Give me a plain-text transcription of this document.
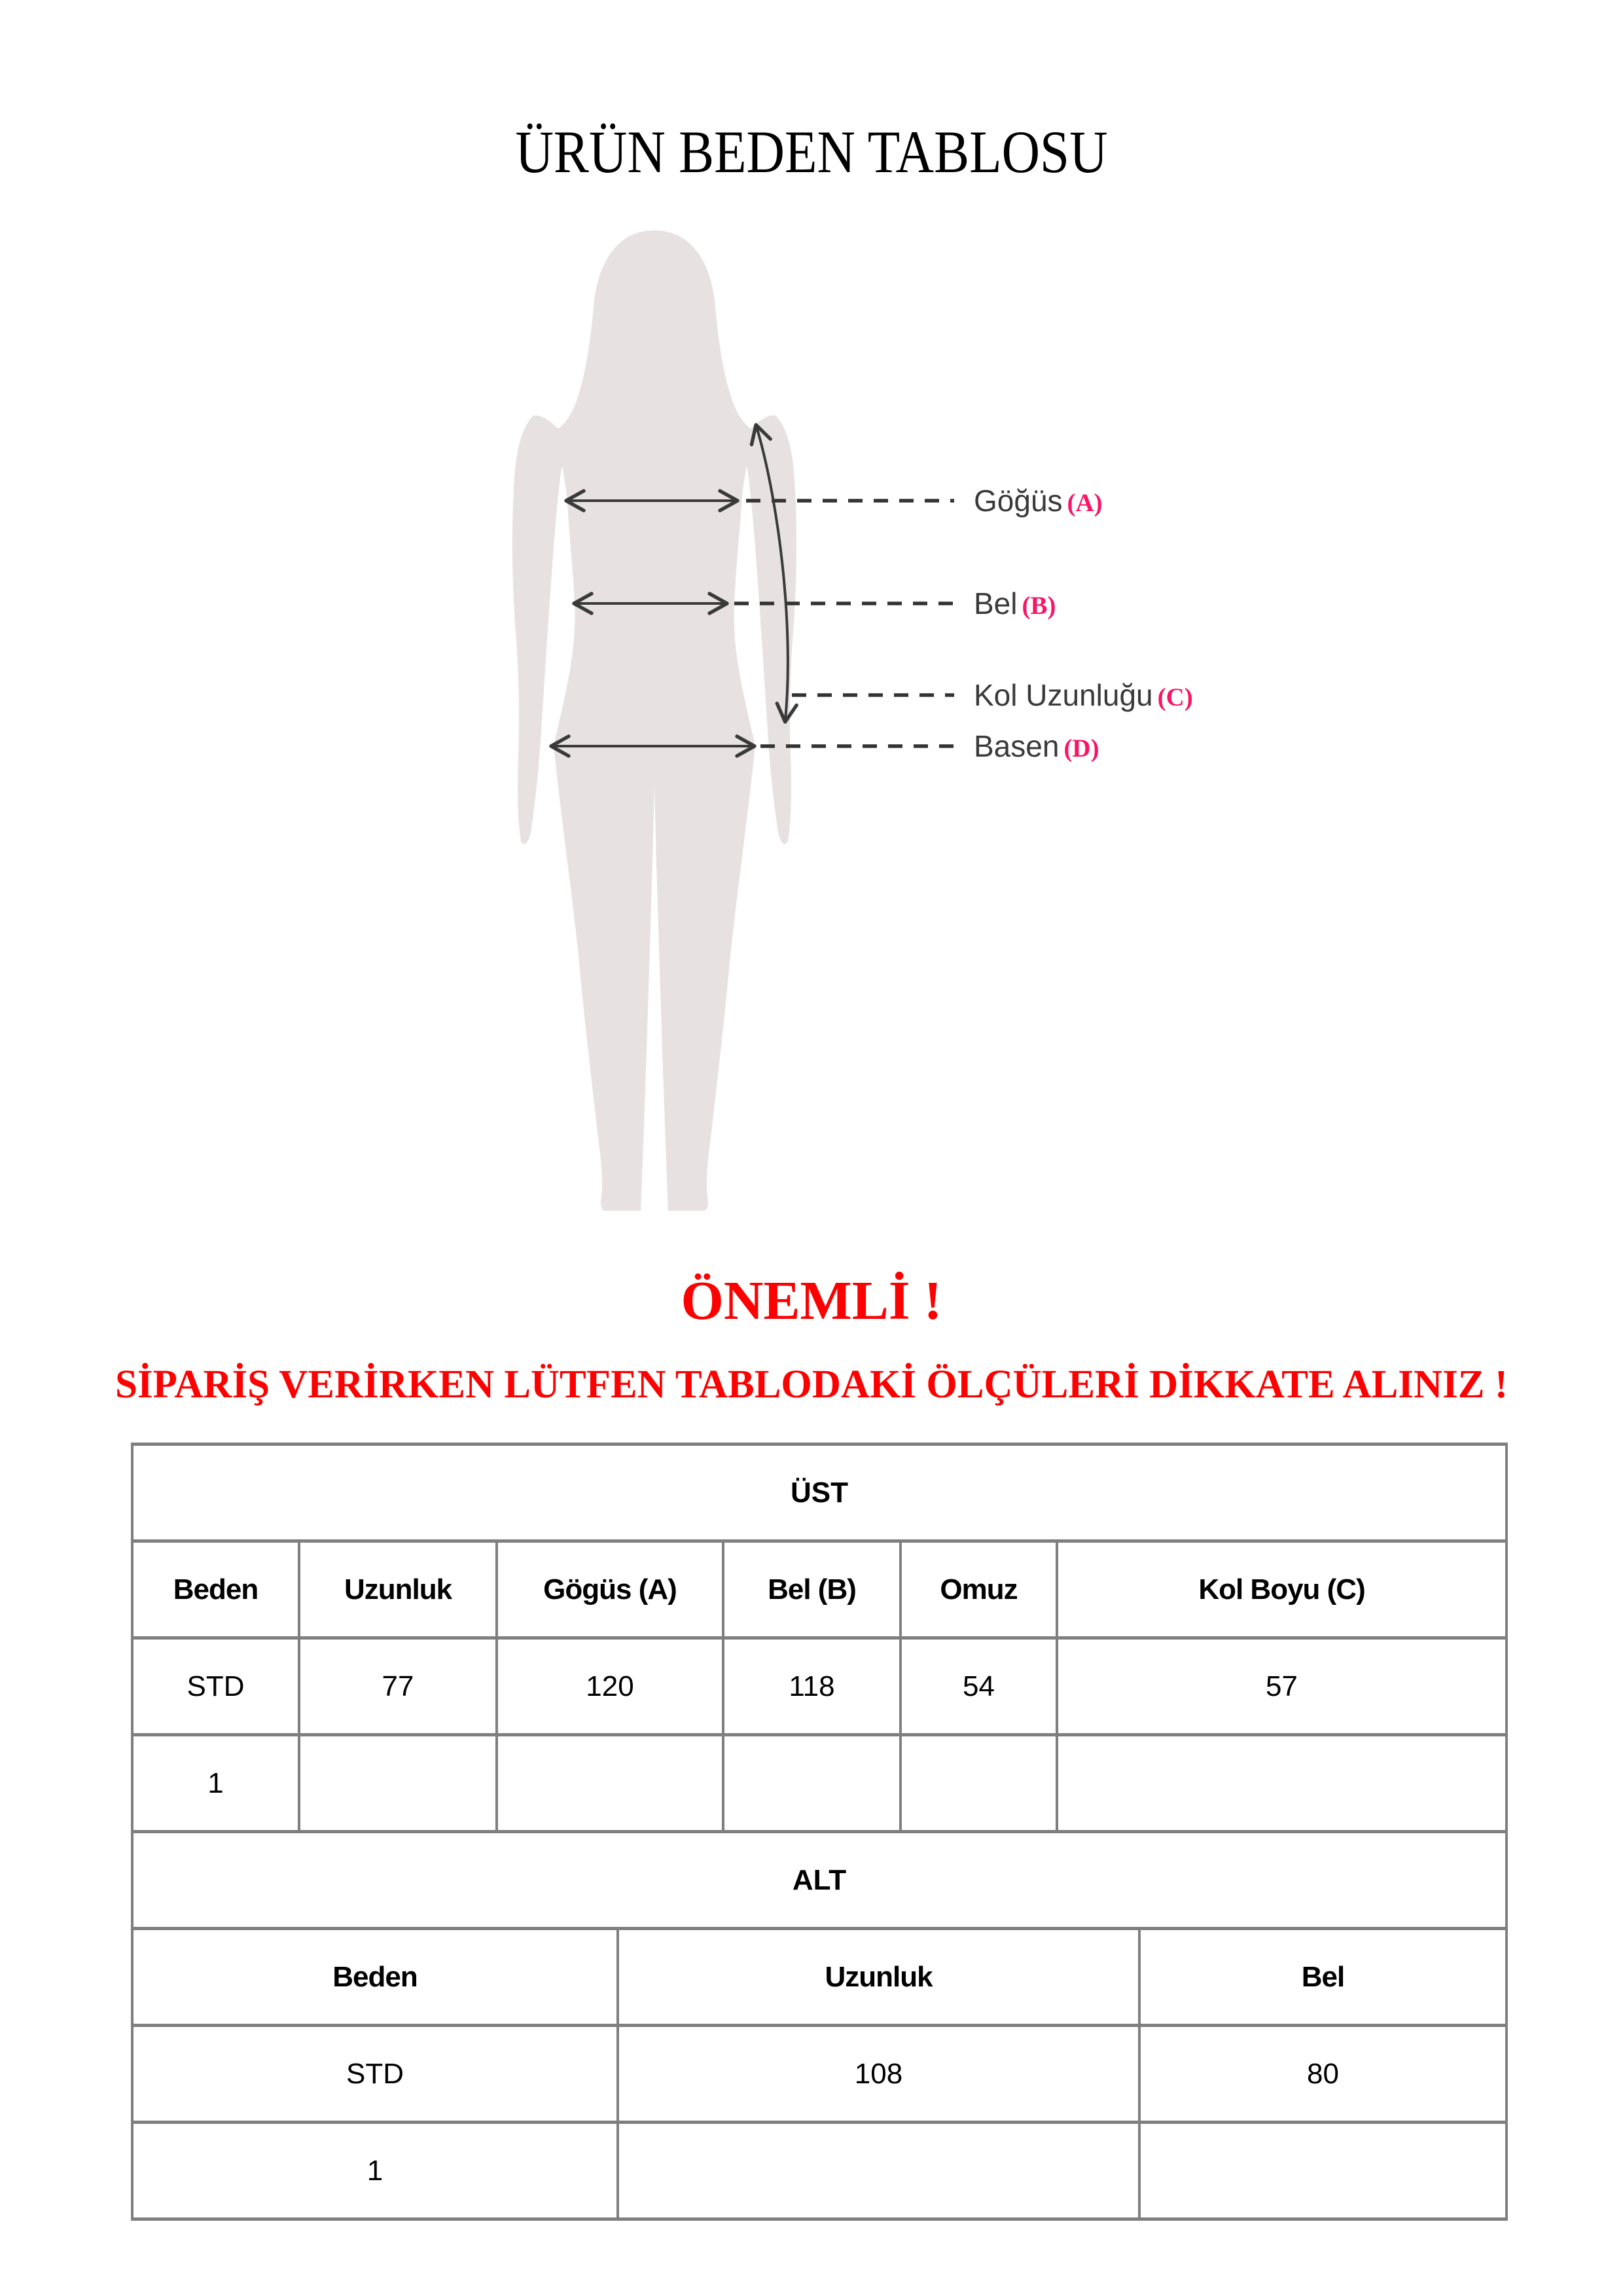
ÜRÜN BEDEN TABLOSU
Göğüs (A)
Bel (B)
Kol Uzunluğu (C)
Basen (D)
ÖNEMLİ !
SİPARİŞ VERİRKEN LÜTFEN TABLODAKİ ÖLÇÜLERİ DİKKATE ALINIZ !
ÜST					
Beden	Uzunluk	Gögüs (A)	Bel (B)	Omuz	Kol Boyu (C)
STD	77	120	118	54	57
1					
ALT		
Beden	Uzunluk	Bel
STD	108	80
1		
